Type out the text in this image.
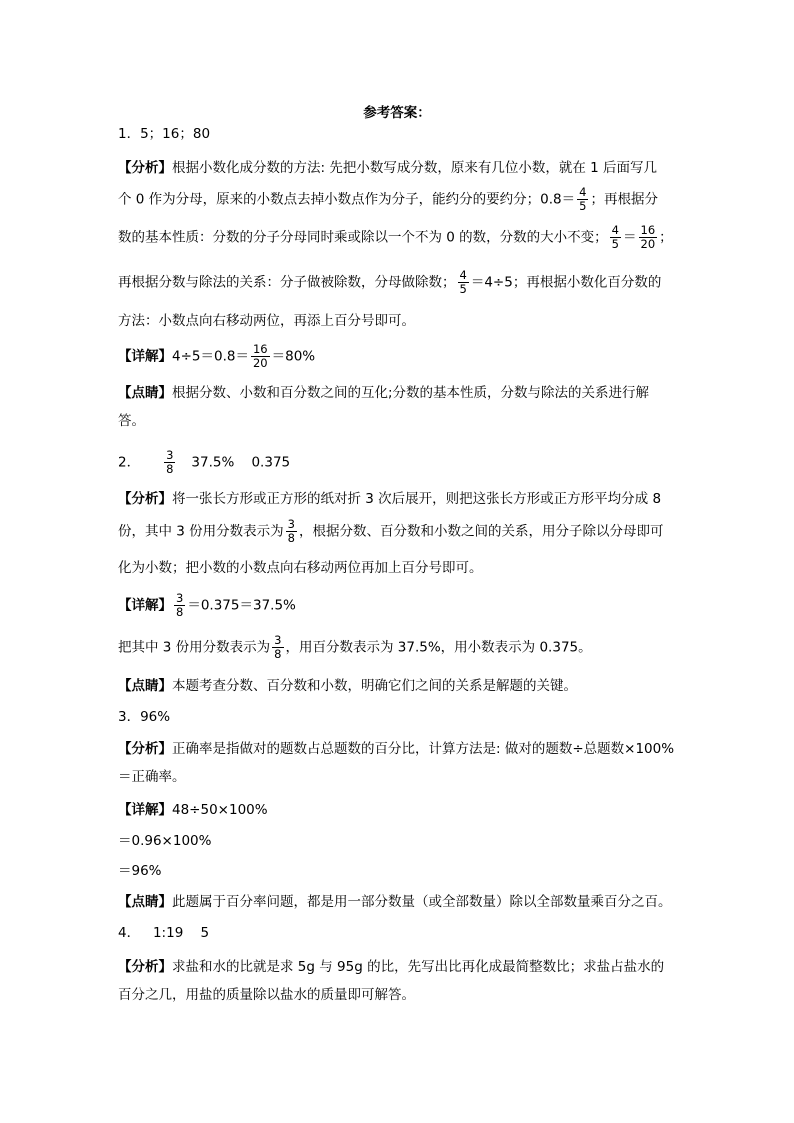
参考答案：
1．5；16；80
【分析】根据小数化成分数的方法: 先把小数写成分数，原来有几位小数，就在 1 后面写几
个 0 作为分母，原来的小数点去掉小数点作为分子，能约分的要约分；$0.8= \frac{4}{5}$ ；再根据分
数的基本性质：分数的分子分母同时乘或除以一个不为 0 的数，分数的大小不变； $\frac{4}{5} = \frac{16}{20}$ ；
再根据分数与除法的关系：分子做被除数，分母做除数； $\frac{4}{5} =4\div 5$；再根据小数化百分数的
方法：小数点向右移动两位，再添上百分号即可。
【详解】$4\div 5=0.8= \frac{16}{20} =80\%$
【点睛】根据分数、小数和百分数之间的互化;分数的基本性质，分数与除法的关系进行解
答。
2． $\frac{3}{8} 37.5\%$    0.375
【分析】将一张长方形或正方形的纸对折 3 次后展开，则把这张长方形或正方形平均分成 8
份，其中 3 份用分数表示为 $\frac{3}{8}$ ，根据分数、百分数和小数之间的关系，用分子除以分母即可
化为小数；把小数的小数点向右移动两位再加上百分号即可。
【详解】 $\frac{3}{8} =0.375=37.5\%$
把其中 3 份用分数表示为 $\frac{3}{8}$ ，用百分数表示为 37.5%，用小数表示为 0.375。
【点睛】本题考查分数、百分数和小数，明确它们之间的关系是解题的关键。
3．96%
【分析】正确率是指做对的题数占总题数的百分比，计算方法是: 做对的题数÷总题数×100%
＝正确率。
【详解】48÷50×100%
＝0.96×100%
＝96%
【点睛】此题属于百分率问题，都是用一部分数量（或全部数量）除以全部数量乘百分之百。
4．   1:19    5
【分析】求盐和水的比就是求 5g 与 95g 的比，先写出比再化成最简整数比；求盐占盐水的
百分之几，用盐的质量除以盐水的质量即可解答。
